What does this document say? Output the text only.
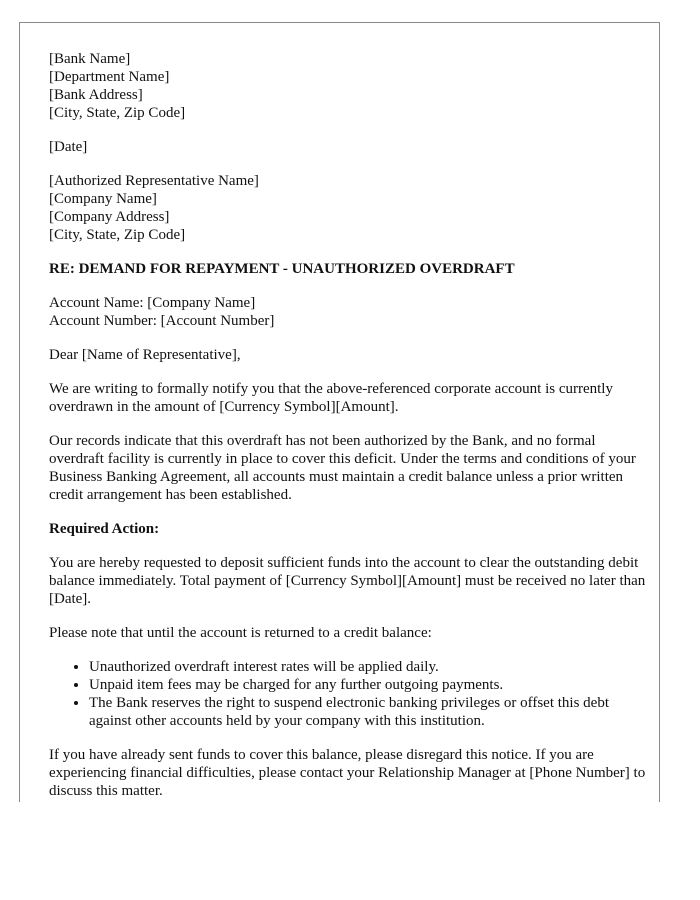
[Bank Name]
[Department Name]
[Bank Address]
[City, State, Zip Code]
[Date]
[Authorized Representative Name]
[Company Name]
[Company Address]
[City, State, Zip Code]
RE: DEMAND FOR REPAYMENT - UNAUTHORIZED OVERDRAFT
Account Name: [Company Name]
Account Number: [Account Number]

Dear [Name of Representative],

We are writing to formally notify you that the above-referenced corporate account is currently overdrawn in the amount of [Currency Symbol][Amount].

Our records indicate that this overdraft has not been authorized by the Bank, and no formal overdraft facility is currently in place to cover this deficit. Under the terms and conditions of your Business Banking Agreement, all accounts must maintain a credit balance unless a prior written credit arrangement has been established.

Required Action:

You are hereby requested to deposit sufficient funds into the account to clear the outstanding debit balance immediately. Total payment of [Currency Symbol][Amount] must be received no later than [Date].

Please note that until the account is returned to a credit balance:

• Unauthorized overdraft interest rates will be applied daily.
• Unpaid item fees may be charged for any further outgoing payments.
• The Bank reserves the right to suspend electronic banking privileges or offset this debt against other accounts held by your company with this institution.

If you have already sent funds to cover this balance, please disregard this notice. If you are experiencing financial difficulties, please contact your Relationship Manager at [Phone Number] to discuss this matter.
